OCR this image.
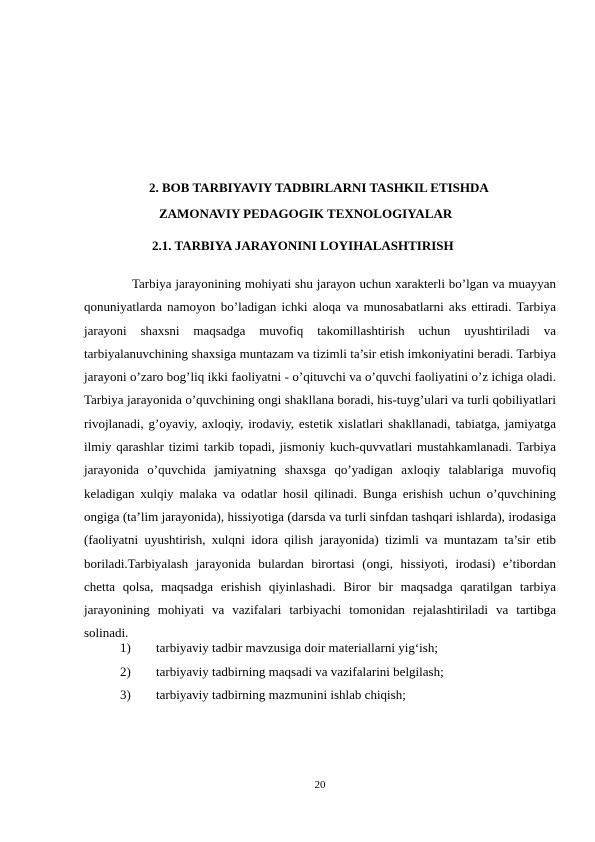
2. BOB TARBIYAVIY TADBIRLARNI TASHKIL ETISHDA
ZAMONAVIY PEDAGOGIK TEXNOLOGIYALAR
2.1. TARBIYA JARAYONINI LOYIHALASHTIRISH

Tarbiya jarayonining mohiyati shu jarayon uchun xarakterli bo’lgan va muayyan qonuniyatlarda namoyon bo’ladigan ichki aloqa va munosabatlarni aks ettiradi. Tarbiya jarayoni shaxsni maqsadga muvofiq takomillashtirish uchun uyushtiriladi va tarbiyalanuvchining shaxsiga muntazam va tizimli ta’sir etish imkoniyatini beradi. Tarbiya jarayoni o’zaro bog’liq ikki faoliyatni - o’qituvchi va o’quvchi faoliyatini o’z ichiga oladi. Tarbiya jarayonida o’quvchining ongi shakllana boradi, his-tuyg’ulari va turli qobiliyatlari rivojlanadi, g’oyaviy, axloqiy, irodaviy, estetik xislatlari shakllanadi, tabiatga, jamiyatga ilmiy qarashlar tizimi tarkib topadi, jismoniy kuch-quvvatlari mustahkamlanadi. Tarbiya jarayonida o’quvchida jamiyatning shaxsga qo’yadigan axloqiy talablariga muvofiq keladigan xulqiy malaka va odatlar hosil qilinadi. Bunga erishish uchun o’quvchining ongiga (ta’lim jarayonida), hissiyotiga (darsda va turli sinfdan tashqari ishlarda), irodasiga (faoliyatni uyushtirish, xulqni idora qilish jarayonida) tizimli va muntazam ta’sir etib boriladi.Tarbiyalash jarayonida bulardan birortasi (ongi, hissiyoti, irodasi) e’tibordan chetta qolsa, maqsadga erishish qiyinlashadi. Biror bir maqsadga qaratilgan tarbiya jarayonining mohiyati va vazifalari tarbiyachi tomonidan rejalashtiriladi va tartibga solinadi.

1) tarbiyaviy tadbir mavzusiga doir materiallarni yig‘ish;
2) tarbiyaviy tadbirning maqsadi va vazifalarini belgilash;
3) tarbiyaviy tadbirning mazmunini ishlab chiqish;
20
